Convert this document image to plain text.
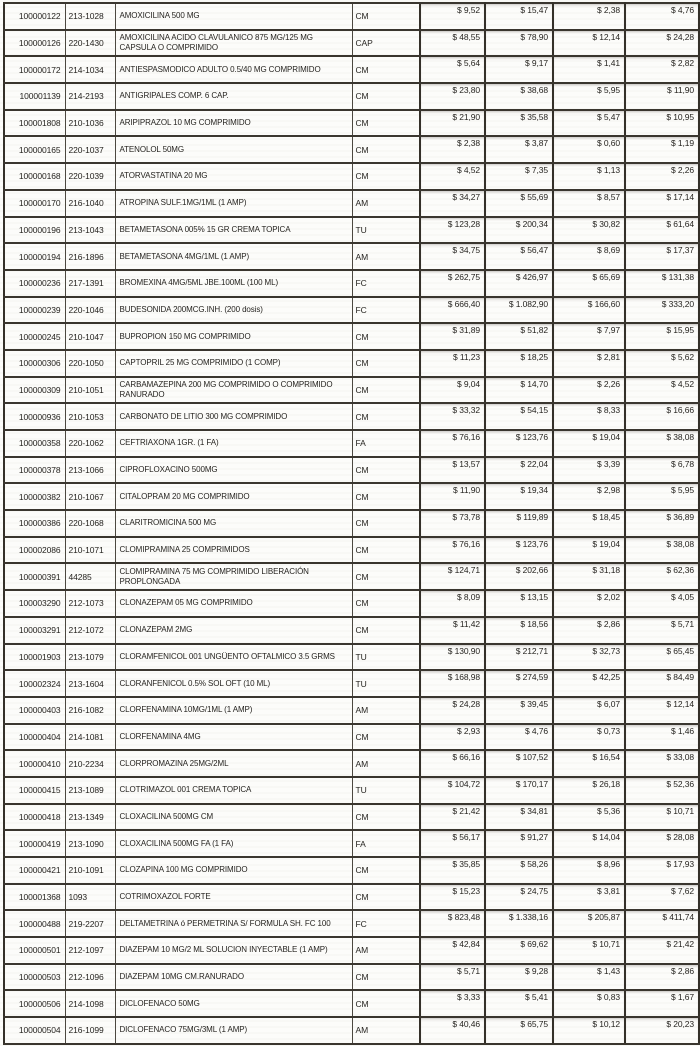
100000122	213-1028	AMOXICILINA 500 MG	CM	$ 9,52	$ 15,47	$ 2,38	$ 4,76
100000126	220-1430	AMOXICILINA ACIDO CLAVULANICO 875 MG/125 MG CAPSULA O COMPRIMIDO	CAP	$ 48,55	$ 78,90	$ 12,14	$ 24,28
100000172	214-1034	ANTIESPASMODICO ADULTO 0.5/40 MG COMPRIMIDO	CM	$ 5,64	$ 9,17	$ 1,41	$ 2,82
100001139	214-2193	ANTIGRIPALES COMP. 6 CAP.	CM	$ 23,80	$ 38,68	$ 5,95	$ 11,90
100001808	210-1036	ARIPIPRAZOL 10 MG COMPRIMIDO	CM	$ 21,90	$ 35,58	$ 5,47	$ 10,95
100000165	220-1037	ATENOLOL 50MG	CM	$ 2,38	$ 3,87	$ 0,60	$ 1,19
100000168	220-1039	ATORVASTATINA 20 MG	CM	$ 4,52	$ 7,35	$ 1,13	$ 2,26
100000170	216-1040	ATROPINA SULF.1MG/1ML (1 AMP)	AM	$ 34,27	$ 55,69	$ 8,57	$ 17,14
100000196	213-1043	BETAMETASONA 005% 15 GR CREMA TOPICA	TU	$ 123,28	$ 200,34	$ 30,82	$ 61,64
100000194	216-1896	BETAMETASONA 4MG/1ML (1 AMP)	AM	$ 34,75	$ 56,47	$ 8,69	$ 17,37
100000236	217-1391	BROMEXINA 4MG/5ML JBE.100ML (100 ML)	FC	$ 262,75	$ 426,97	$ 65,69	$ 131,38
100000239	220-1046	BUDESONIDA 200MCG.INH. (200 dosis)	FC	$ 666,40	$ 1.082,90	$ 166,60	$ 333,20
100000245	210-1047	BUPROPION 150 MG COMPRIMIDO	CM	$ 31,89	$ 51,82	$ 7,97	$ 15,95
100000306	220-1050	CAPTOPRIL 25 MG COMPRIMIDO (1 COMP)	CM	$ 11,23	$ 18,25	$ 2,81	$ 5,62
100000309	210-1051	CARBAMAZEPINA 200 MG COMPRIMIDO O COMPRIMIDO RANURADO	CM	$ 9,04	$ 14,70	$ 2,26	$ 4,52
100000936	210-1053	CARBONATO DE LITIO 300 MG COMPRIMIDO	CM	$ 33,32	$ 54,15	$ 8,33	$ 16,66
100000358	220-1062	CEFTRIAXONA 1GR. (1 FA)	FA	$ 76,16	$ 123,76	$ 19,04	$ 38,08
100000378	213-1066	CIPROFLOXACINO 500MG	CM	$ 13,57	$ 22,04	$ 3,39	$ 6,78
100000382	210-1067	CITALOPRAM 20 MG COMPRIMIDO	CM	$ 11,90	$ 19,34	$ 2,98	$ 5,95
100000386	220-1068	CLARITROMICINA 500 MG	CM	$ 73,78	$ 119,89	$ 18,45	$ 36,89
100002086	210-1071	CLOMIPRAMINA 25 COMPRIMIDOS	CM	$ 76,16	$ 123,76	$ 19,04	$ 38,08
100000391	44285	CLOMIPRAMINA 75 MG COMPRIMIDO LIBERACIÓN PROPLONGADA	CM	$ 124,71	$ 202,66	$ 31,18	$ 62,36
100003290	212-1073	CLONAZEPAM 05 MG COMPRIMIDO	CM	$ 8,09	$ 13,15	$ 2,02	$ 4,05
100003291	212-1072	CLONAZEPAM 2MG	CM	$ 11,42	$ 18,56	$ 2,86	$ 5,71
100001903	213-1079	CLORAMFENICOL 001 UNGÜENTO OFTALMICO 3.5 GRMS	TU	$ 130,90	$ 212,71	$ 32,73	$ 65,45
100002324	213-1604	CLORANFENICOL 0.5% SOL OFT (10 ML)	TU	$ 168,98	$ 274,59	$ 42,25	$ 84,49
100000403	216-1082	CLORFENAMINA 10MG/1ML (1 AMP)	AM	$ 24,28	$ 39,45	$ 6,07	$ 12,14
100000404	214-1081	CLORFENAMINA 4MG	CM	$ 2,93	$ 4,76	$ 0,73	$ 1,46
100000410	210-2234	CLORPROMAZINA 25MG/2ML	AM	$ 66,16	$ 107,52	$ 16,54	$ 33,08
100000415	213-1089	CLOTRIMAZOL 001 CREMA TOPICA	TU	$ 104,72	$ 170,17	$ 26,18	$ 52,36
100000418	213-1349	CLOXACILINA 500MG CM	CM	$ 21,42	$ 34,81	$ 5,36	$ 10,71
100000419	213-1090	CLOXACILINA 500MG FA (1 FA)	FA	$ 56,17	$ 91,27	$ 14,04	$ 28,08
100000421	210-1091	CLOZAPINA 100 MG COMPRIMIDO	CM	$ 35,85	$ 58,26	$ 8,96	$ 17,93
100001368	1093	COTRIMOXAZOL FORTE	CM	$ 15,23	$ 24,75	$ 3,81	$ 7,62
100000488	219-2207	DELTAMETRINA ó PERMETRINA S/ FORMULA SH. FC 100	FC	$ 823,48	$ 1.338,16	$ 205,87	$ 411,74
100000501	212-1097	DIAZEPAM 10 MG/2 ML SOLUCION INYECTABLE (1 AMP)	AM	$ 42,84	$ 69,62	$ 10,71	$ 21,42
100000503	212-1096	DIAZEPAM 10MG CM.RANURADO	CM	$ 5,71	$ 9,28	$ 1,43	$ 2,86
100000506	214-1098	DICLOFENACO 50MG	CM	$ 3,33	$ 5,41	$ 0,83	$ 1,67
100000504	216-1099	DICLOFENACO 75MG/3ML (1 AMP)	AM	$ 40,46	$ 65,75	$ 10,12	$ 20,23
